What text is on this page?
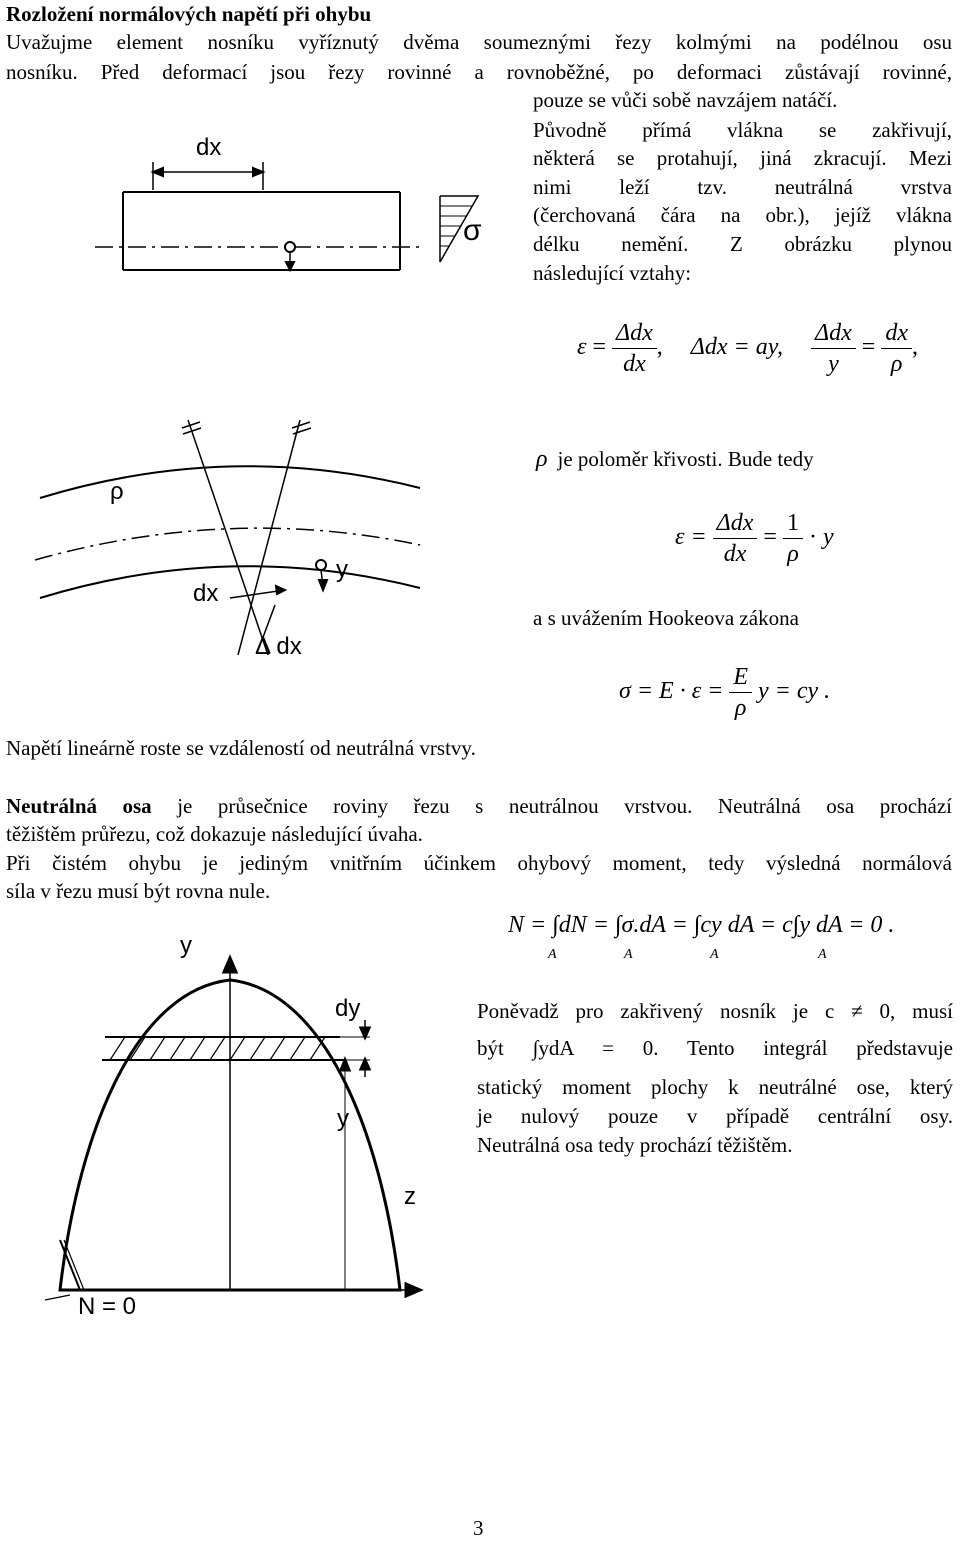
Rozložení normálových napětí při ohybu
Uvažujme element nosníku vyříznutý dvěma soumeznými řezy kolmými na podélnou osu
nosníku. Před deformací jsou řezy rovinné a rovnoběžné, po deformaci zůstávají rovinné,
pouze se vůči sobě navzájem natáčí.
Původně přímá vlákna se zakřivují,
některá se protahují, jiná zkracují. Mezi
nimi leží tzv. neutrálná vrstva
(čerchovaná čára na obr.), jejíž vlákna
délku nemění. Z obrázku plynou
následující vztahy:
dx
σ
$\varepsilon = \frac{\text{Δdx}}{dx}$ , Δdx = ay, $\frac{\text{Δdx}}{y} = \frac{dx}{\rho}$ ,
ρ je poloměr křivosti. Bude tedy
ρ
y
dx
Δ dx
$\varepsilon = \frac{\text{Δdx}}{dx} = \frac{1}{\rho} \cdot y$
a s uvážením Hookeova zákona
$\sigma = E \cdot \varepsilon = \frac{E}{\rho}$ y = cy .
Napětí lineárně roste se vzdáleností od neutrálná vrstvy.
Neutrálná osa je průsečnice roviny řezu s neutrálnou vrstvou. Neutrálná osa prochází
těžištěm průřezu, což dokazuje následující úvaha.
Při čistém ohybu je jediným vnitřním účinkem ohybový moment, tedy výsledná normálová
síla v řezu musí být rovna nule.
N = ∫dN = ∫σ.dA = ∫cy dA = c∫y dA = 0 .
A	A	A	A
y
dy
y
z
N = 0
Poněvadž pro zakřivený nosník je c ≠ 0, musí
být ∫ydA = 0. Tento integrál představuje
statický moment plochy k neutrálné ose, který
je nulový pouze v případě centrální osy.
Neutrálná osa tedy prochází těžištěm.
3
